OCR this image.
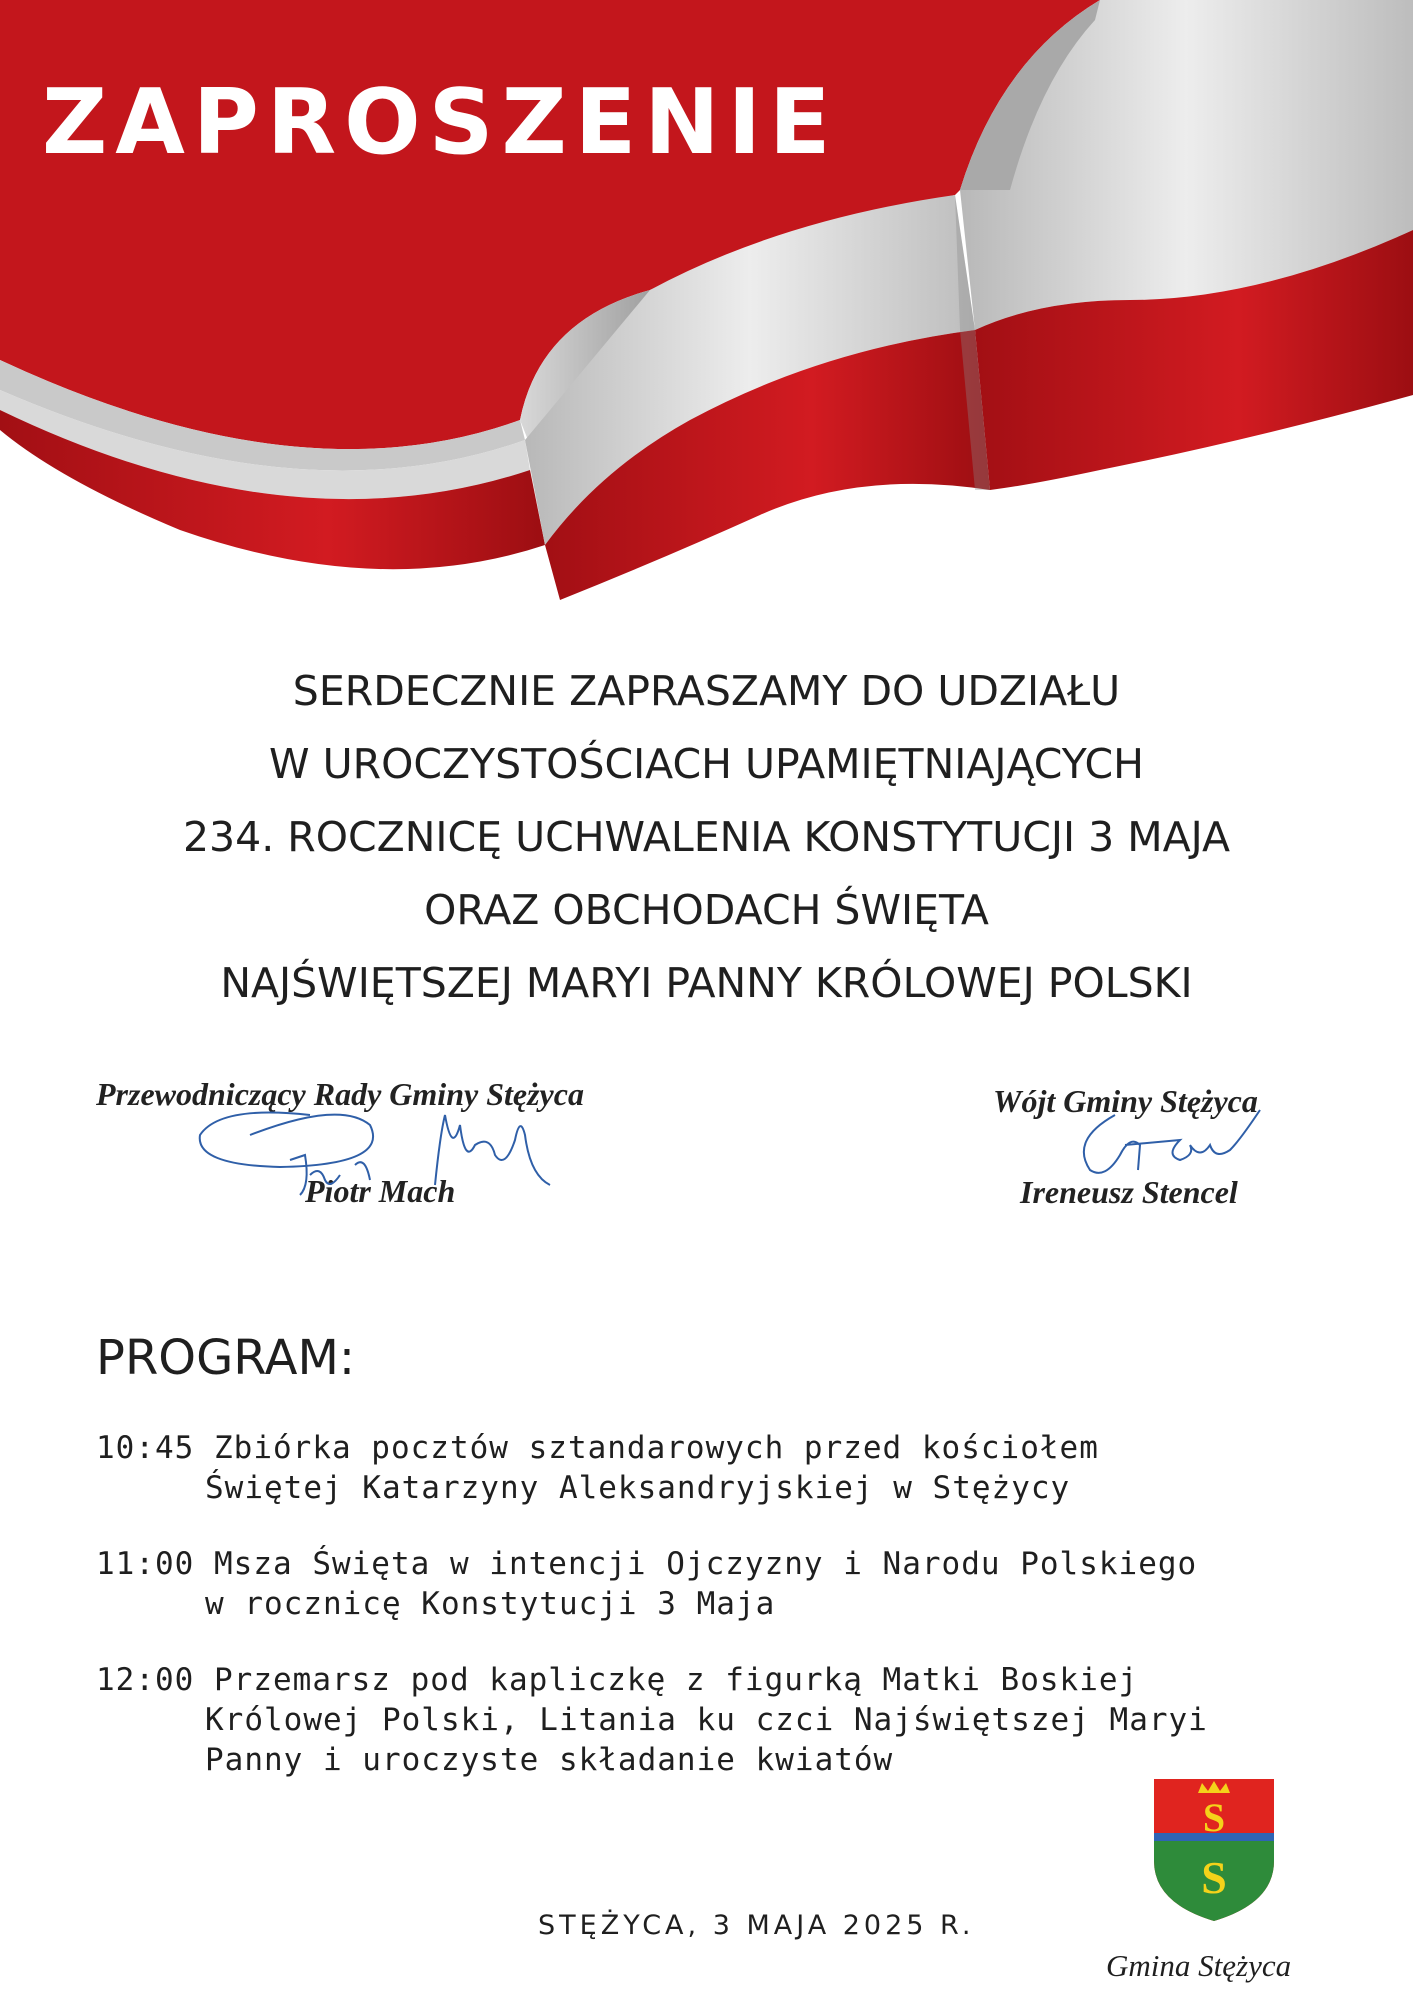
ZAPROSZENIE
SERDECZNIE ZAPRASZAMY DO UDZIAŁU
W UROCZYSTOŚCIACH UPAMIĘTNIAJĄCYCH
234. ROCZNICĘ UCHWALENIA KONSTYTUCJI 3 MAJA
ORAZ OBCHODACH ŚWIĘTA
NAJŚWIĘTSZEJ MARYI PANNY KRÓLOWEJ POLSKI
Przewodniczący Rady Gminy Stężyca
Piotr Mach
Wójt Gminy Stężyca
Ireneusz Stencel
PROGRAM:
10:45 Zbiórka pocztów sztandarowych przed kościołem
Świętej Katarzyny Aleksandryjskiej w Stężycy
11:00 Msza Święta w intencji Ojczyzny i Narodu Polskiego
w rocznicę Konstytucji 3 Maja
12:00 Przemarsz pod kapliczkę z figurką Matki Boskiej
Królowej Polski, Litania ku czci Najświętszej Maryi
Panny i uroczyste składanie kwiatów
STĘŻYCA, 3 MAJA 2025 R.
S
S
Gmina Stężyca
